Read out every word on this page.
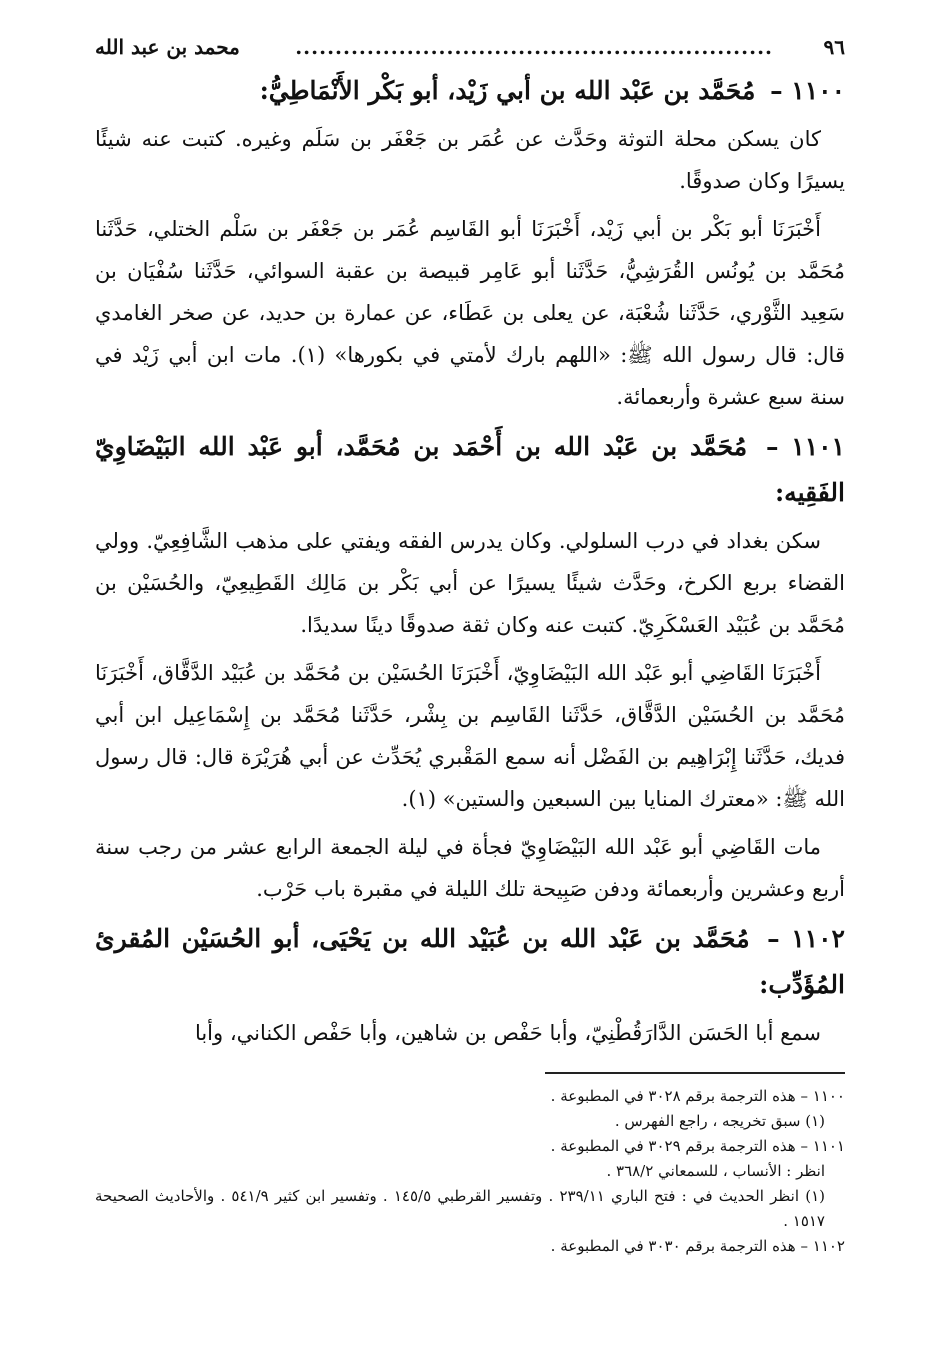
٩٦
............................................................
محمد بن عبد الله
١١٠٠ – مُحَمَّد بن عَبْد الله بن أبي زَيْد، أبو بَكْر الأَنْمَاطِيُّ:

كان يسكن محلة التوثة وحَدَّث عن عُمَر بن جَعْفَر بن سَلَم وغيره. كتبت عنه شيئًا يسيرًا وكان صدوقًا.

أَخْبَرَنَا أبو بَكْر بن أبي زَيْد، أَخْبَرَنَا أبو القَاسِم عُمَر بن جَعْفَر بن سَلْم الختلي، حَدَّثَنا مُحَمَّد بن يُونُس القُرَشِيُّ، حَدَّثَنا أبو عَامِر قبيصة بن عقبة السوائي، حَدَّثَنا سُفْيَان بن سَعِيد الثَّوْري، حَدَّثَنا شُعْبَة، عن يعلى بن عَطَاء، عن عمارة بن حديد، عن صخر الغامدي قال: قال رسول الله ﷺ: «اللهم بارك لأمتي في بكورها» (١). مات ابن أبي زَيْد في سنة سبع عشرة وأربعمائة.

١١٠١ – مُحَمَّد بن عَبْد الله بن أَحْمَد بن مُحَمَّد، أبو عَبْد الله البَيْضَاوِيّ الفَقِيه:

سكن بغداد في درب السلولي. وكان يدرس الفقه ويفتي على مذهب الشَّافِعِيّ. وولي القضاء بربع الكرخ، وحَدَّث شيئًا يسيرًا عن أبي بَكْر بن مَالِك القَطِيعِيّ، والحُسَيْن بن مُحَمَّد بن عُبَيْد العَسْكَرِيّ. كتبت عنه وكان ثقة صدوقًا دينًا سديدًا.

أَخْبَرَنَا القَاضِي أبو عَبْد الله البَيْضَاوِيّ، أَخْبَرَنَا الحُسَيْن بن مُحَمَّد بن عُبَيْد الدَّقَّاق، أَخْبَرَنَا مُحَمَّد بن الحُسَيْن الدَّقَّاق، حَدَّثَنا القَاسِم بن بِشْر، حَدَّثَنا مُحَمَّد بن إِسْمَاعِيل ابن أبي فديك، حَدَّثَنا إِبْرَاهِيم بن الفَضْل أنه سمع المَقْبري يُحَدِّث عن أبي هُرَيْرَة قال: قال رسول الله ﷺ: «معترك المنايا بين السبعين والستين» (١).

مات القَاضِي أبو عَبْد الله البَيْضَاوِيّ فجأة في ليلة الجمعة الرابع عشر من رجب سنة أربع وعشرين وأربعمائة ودفن صَبِيحة تلك الليلة في مقبرة باب حَرْب.

١١٠٢ – مُحَمَّد بن عَبْد الله بن عُبَيْد الله بن يَحْيَى، أبو الحُسَيْن المُقرئ المُؤَدِّب:

سمع أبا الحَسَن الدَّارَقُطْنِيّ، وأبا حَفْص بن شاهين، وأبا حَفْص الكناني، وأبا

١١٠٠ – هذه الترجمة برقم ٣٠٢٨ في المطبوعة .

(١) سبق تخريجه ، راجع الفهرس .

١١٠١ – هذه الترجمة برقم ٣٠٢٩ في المطبوعة .

انظر : الأنساب ، للسمعاني ٣٦٨/٢ .

(١) انظر الحديث في : فتح الباري ٢٣٩/١١ . وتفسير القرطبي ١٤٥/٥ . وتفسير ابن كثير ٥٤١/٩ . والأحاديث الصحيحة ١٥١٧ .

١١٠٢ – هذه الترجمة برقم ٣٠٣٠ في المطبوعة .
